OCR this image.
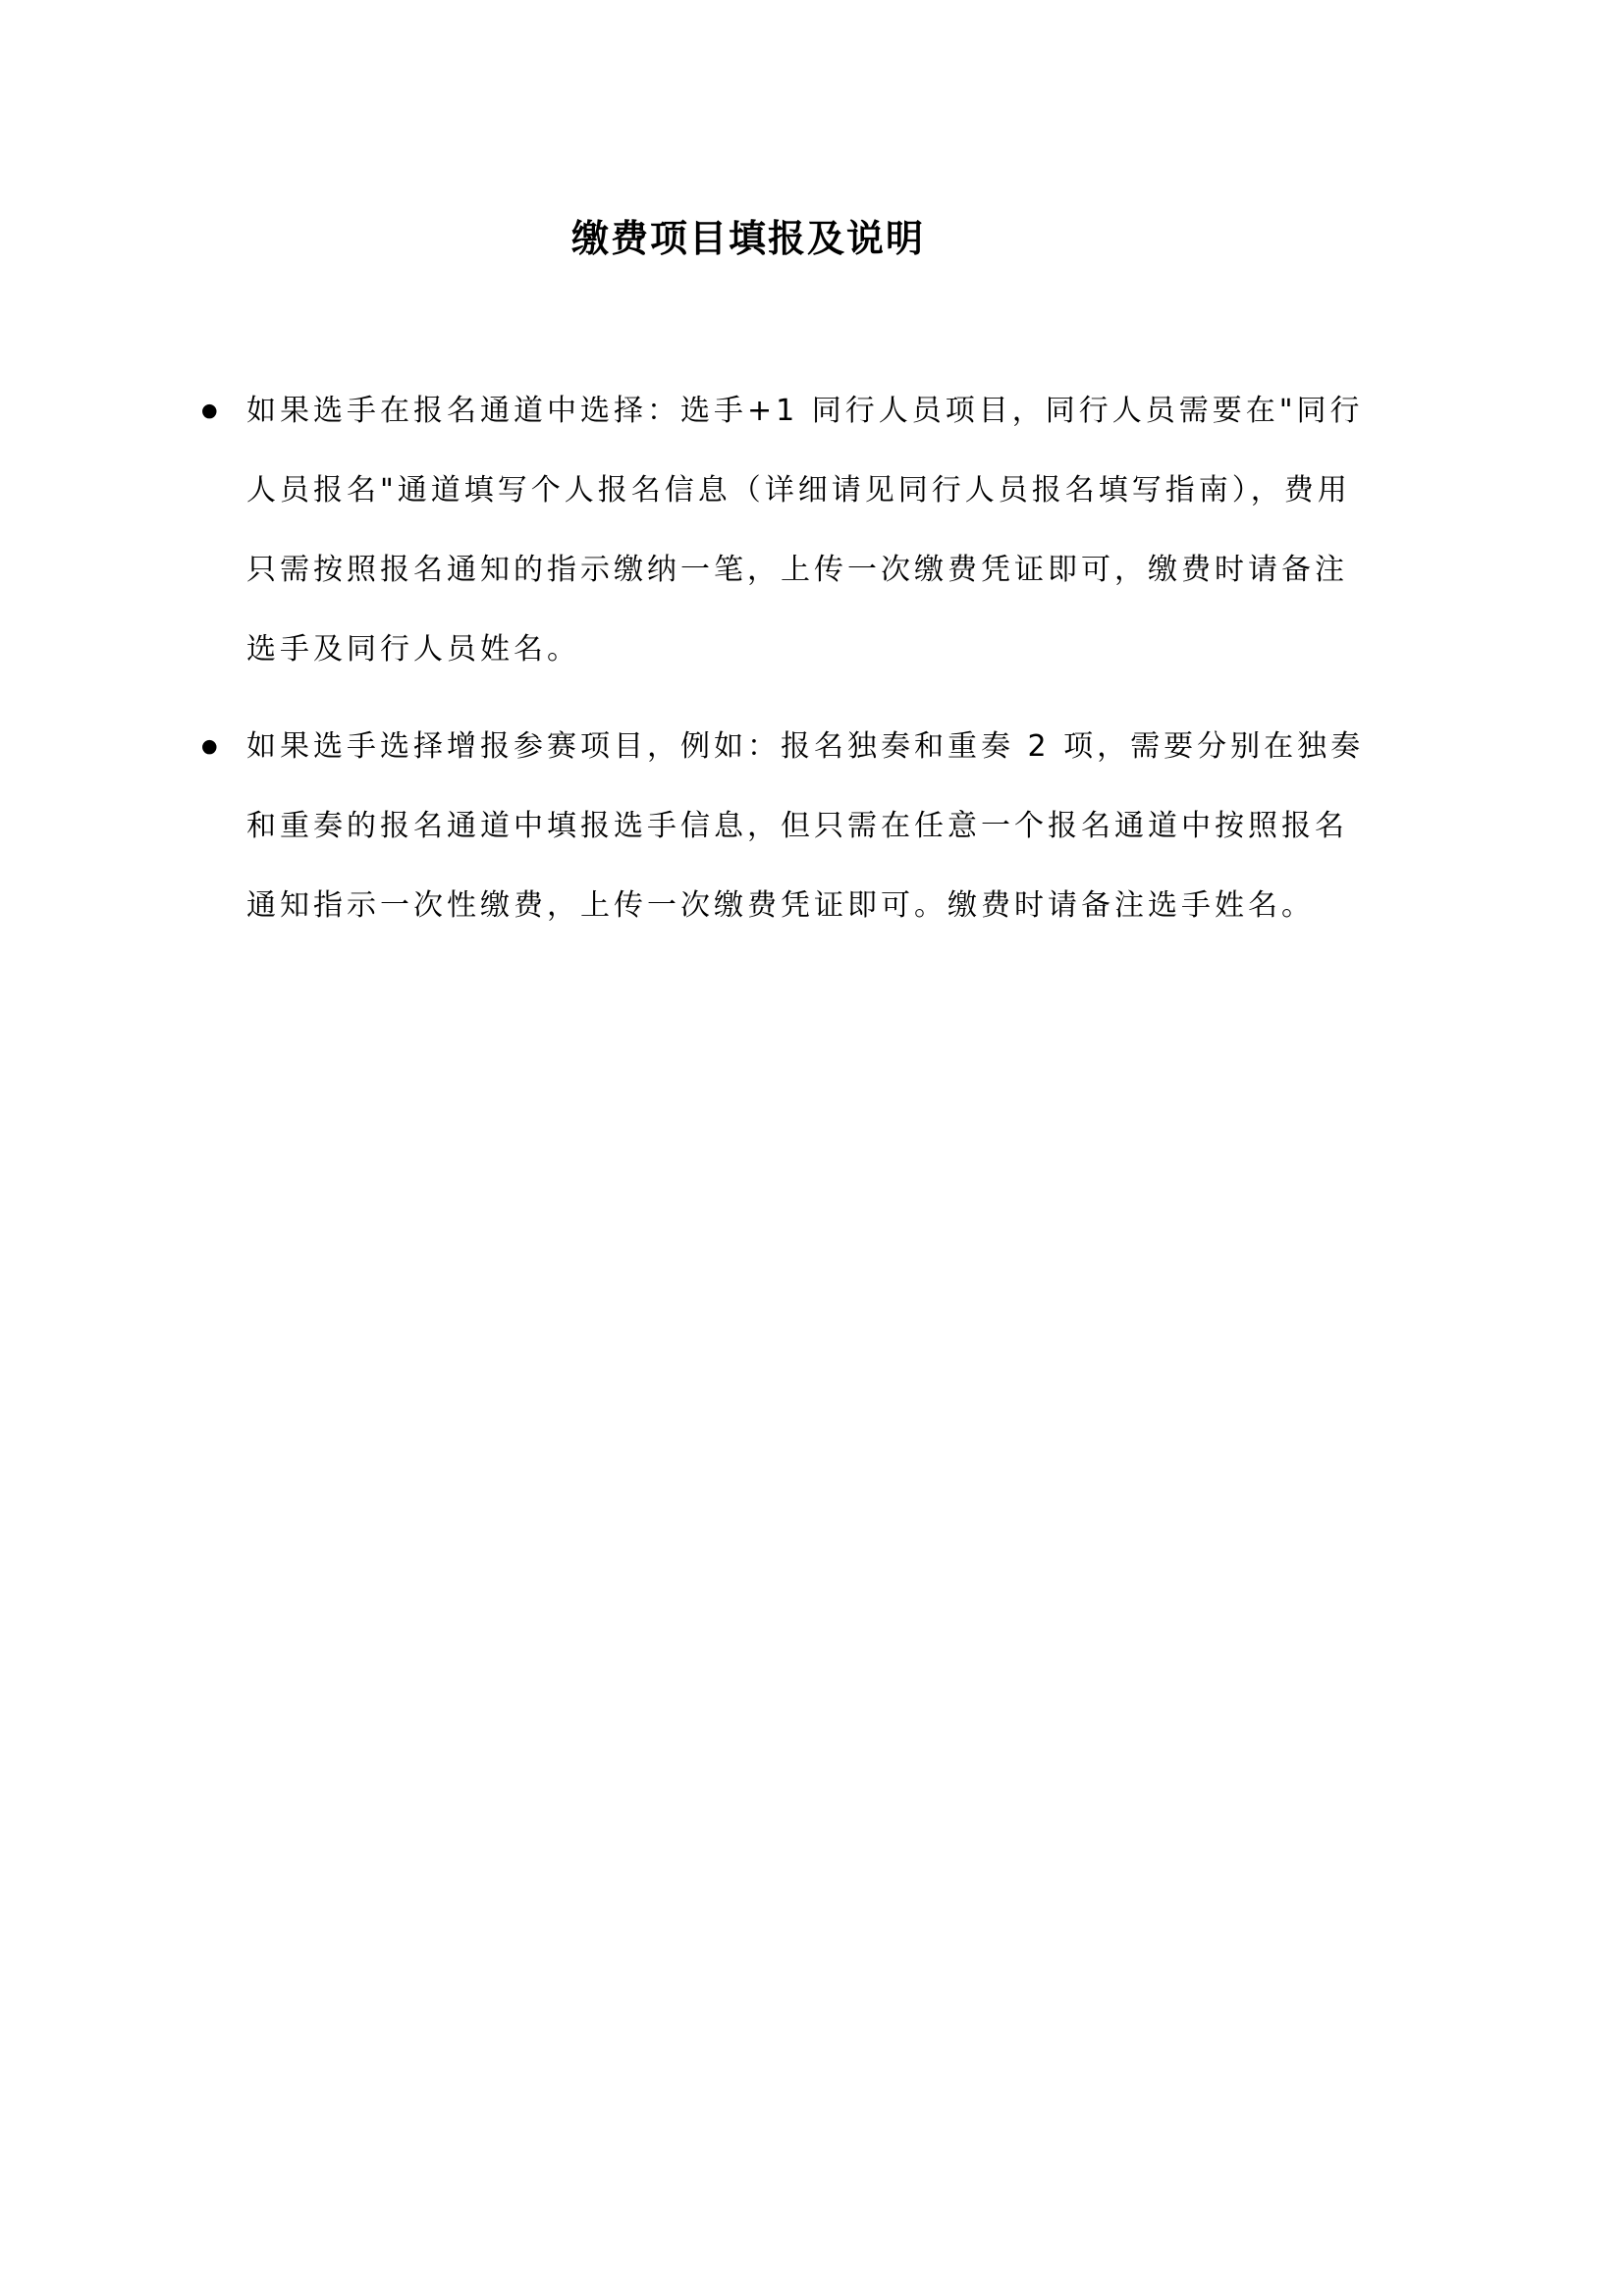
缴费项目填报及说明
● 如果选手在报名通道中选择：选手+1 同行人员项目，同行人员需要在"同行
人员报名"通道填写个人报名信息（详细请见同行人员报名填写指南），费用
只需按照报名通知的指示缴纳一笔，上传一次缴费凭证即可，缴费时请备注
选手及同行人员姓名。
● 如果选手选择增报参赛项目，例如：报名独奏和重奏 2 项，需要分别在独奏
和重奏的报名通道中填报选手信息，但只需在任意一个报名通道中按照报名
通知指示一次性缴费，上传一次缴费凭证即可。缴费时请备注选手姓名。
